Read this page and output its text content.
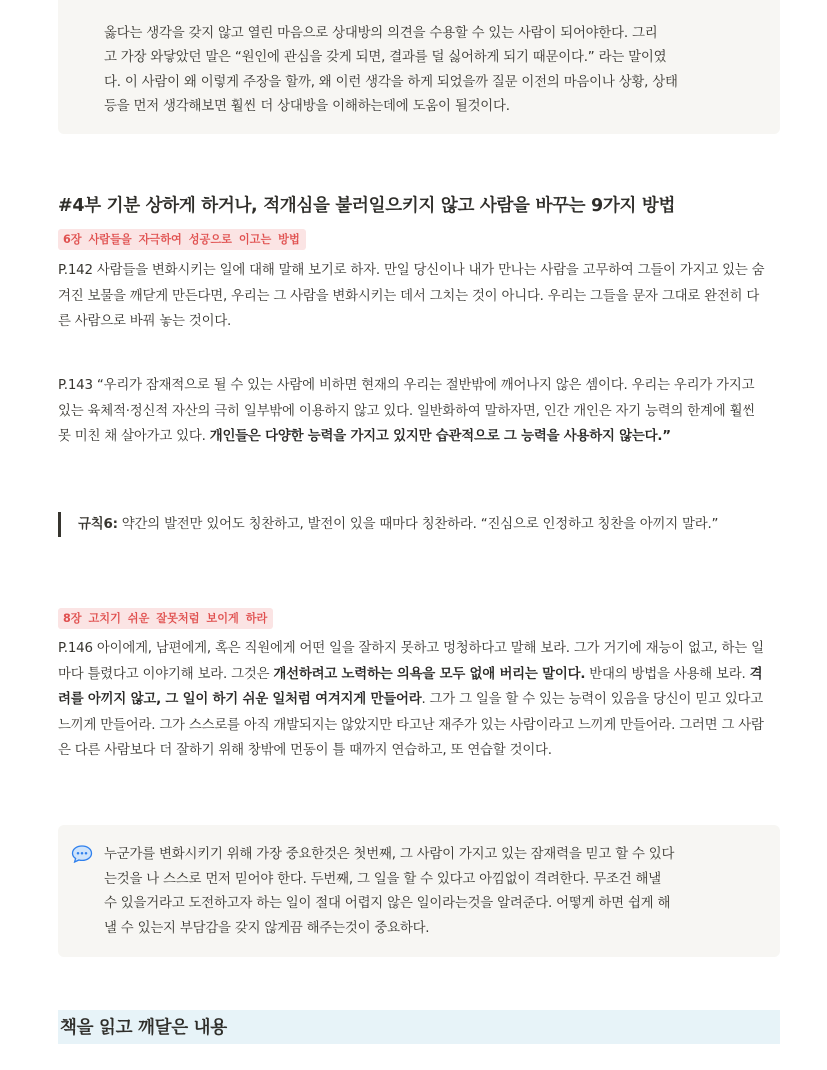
옳다는 생각을 갖지 않고 열린 마음으로 상대방의 의견을 수용할 수 있는 사람이 되어야한다. 그리

고 가장 와닿았던 말은 “원인에 관심을 갖게 되면, 결과를 덜 싫어하게 되기 때문이다.” 라는 말이였

다. 이 사람이 왜 이렇게 주장을 할까, 왜 이런 생각을 하게 되었을까 질문 이전의 마음이나 상황, 상태

등을 먼저 생각해보면 훨씬 더 상대방을 이해하는데에 도움이 될것이다.

#4부 기분 상하게 하거나, 적개심을 불러일으키지 않고 사람을 바꾸는 9가지 방법
6장 사람들을 자극하여 성공으로 이고는 방법

P.142 사람들을 변화시키는 일에 대해 말해 보기로 하자. 만일 당신이나 내가 만나는 사람을 고무하여 그들이 가지고 있는 숨겨진 보물을 깨닫게 만든다면, 우리는 그 사람을 변화시키는 데서 그치는 것이 아니다. 우리는 그들을 문자 그대로 완전히 다른 사람으로 바꿔 놓는 것이다.

P.143 “우리가 잠재적으로 될 수 있는 사람에 비하면 현재의 우리는 절반밖에 깨어나지 않은 셈이다. 우리는 우리가 가지고 있는 육체적·정신적 자산의 극히 일부밖에 이용하지 않고 있다. 일반화하여 말하자면, 인간 개인은 자기 능력의 한계에 훨씬 못 미친 채 살아가고 있다. 개인들은 다양한 능력을 가지고 있지만 습관적으로 그 능력을 사용하지 않는다.”

규칙6: 약간의 발전만 있어도 칭찬하고, 발전이 있을 때마다 칭찬하라. “진심으로 인정하고 칭찬을 아끼지 말라.”

8장 고치기 쉬운 잘못처럼 보이게 하라

P.146 아이에게, 남편에게, 혹은 직원에게 어떤 일을 잘하지 못하고 멍청하다고 말해 보라. 그가 거기에 재능이 없고, 하는 일마다 틀렸다고 이야기해 보라. 그것은 개선하려고 노력하는 의욕을 모두 없애 버리는 말이다. 반대의 방법을 사용해 보라. 격려를 아끼지 않고, 그 일이 하기 쉬운 일처럼 여겨지게 만들어라. 그가 그 일을 할 수 있는 능력이 있음을 당신이 믿고 있다고 느끼게 만들어라. 그가 스스로를 아직 개발되지는 않았지만 타고난 재주가 있는 사람이라고 느끼게 만들어라. 그러면 그 사람은 다른 사람보다 더 잘하기 위해 창밖에 먼동이 틀 때까지 연습하고, 또 연습할 것이다.

누군가를 변화시키기 위해 가장 중요한것은 첫번째, 그 사람이 가지고 있는 잠재력을 믿고 할 수 있다

는것을 나 스스로 먼저 믿어야 한다. 두번째, 그 일을 할 수 있다고 아낌없이 격려한다. 무조건 해낼

수 있을거라고 도전하고자 하는 일이 절대 어렵지 않은 일이라는것을 알려준다. 어떻게 하면 쉽게 해

낼 수 있는지 부담감을 갖지 않게끔 해주는것이 중요하다.

책을 읽고 깨달은 내용
